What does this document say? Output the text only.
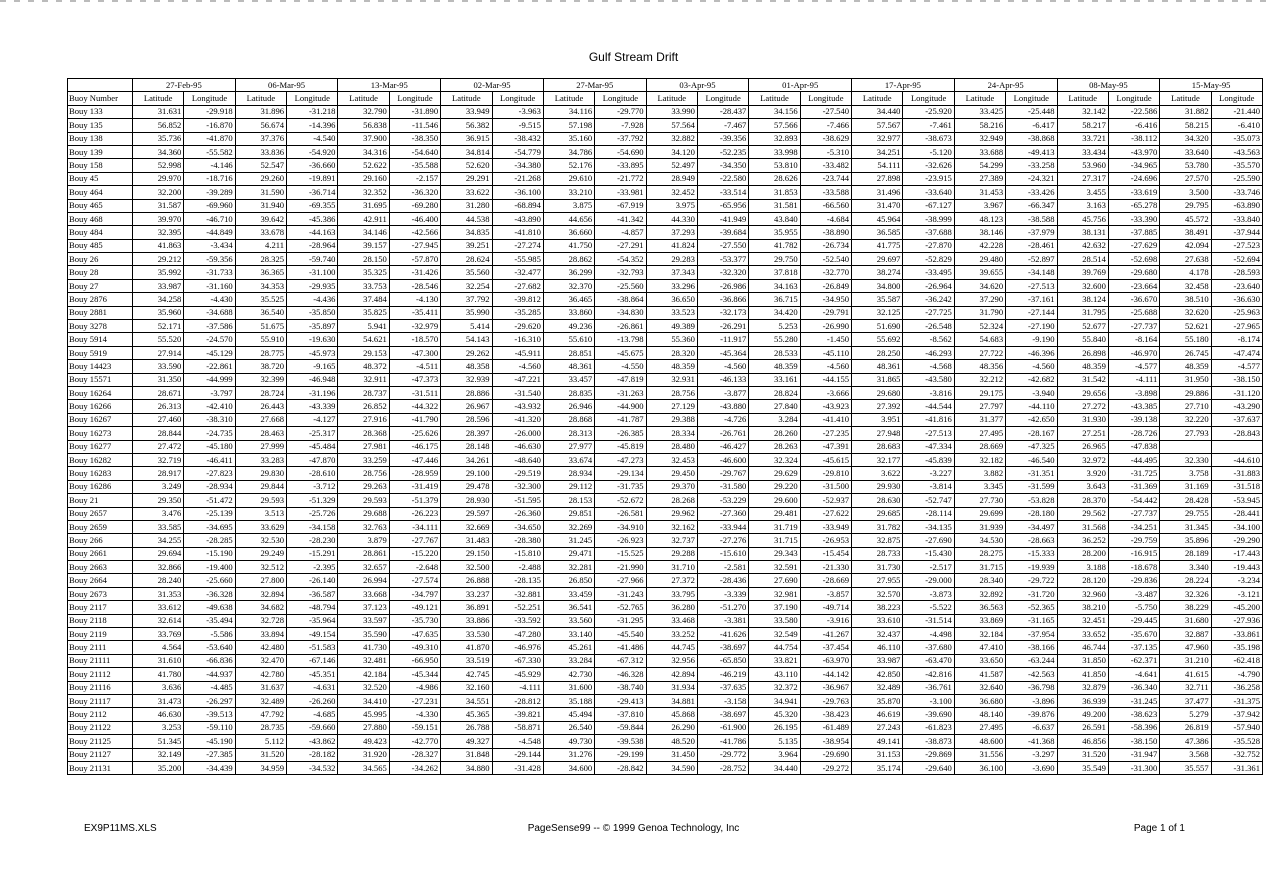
Gulf Stream Drift
	27-Feb-95		06-Mar-95		13-Mar-95		02-Mar-95		27-Mar-95		03-Apr-95		01-Apr-95		17-Apr-95		24-Apr-95		08-May-95		15-May-95	
Buoy Number	Latitude	Longitude	Latitude	Longitude	Latitude	Longitude	Latitude	Longitude	Latitude	Longitude	Latitude	Longitude	Latitude	Longitude	Latitude	Longitude	Latitude	Longitude	Latitude	Longitude	Latitude	Longitude
Bouy 133	31.631	-29.918	31.896	-31.218	32.790	-31.890	33.949	-3.963	34.116	-29.770	33.990	-28.437	34.156	-27.540	34.440	-25.920	33.425	-25.448	32.142	-22.586	31.882	-21.440
Bouy 135	56.852	-16.870	56.674	-14.396	56.838	-11.546	56.382	-9.515	57.198	-7.928	57.564	-7.467	57.566	-7.466	57.567	-7.461	58.216	-6.417	58.217	-6.416	58.215	-6.410
Bouy 138	35.736	-41.870	37.376	-4.540	37.900	-38.350	36.915	-38.432	35.160	-37.792	32.882	-39.356	32.893	-38.629	32.977	-38.673	32.949	-38.868	33.721	-38.112	34.320	-35.073
Bouy 139	34.360	-55.582	33.836	-54.920	34.316	-54.640	34.814	-54.779	34.786	-54.690	34.120	-52.235	33.998	-5.310	34.251	-5.120	33.688	-49.413	33.434	-43.970	33.640	-43.563
Bouy 158	52.998	-4.146	52.547	-36.660	52.622	-35.588	52.620	-34.380	52.176	-33.895	52.497	-34.350	53.810	-33.482	54.111	-32.626	54.299	-33.258	53.960	-34.965	53.780	-35.570
Bouy 45	29.970	-18.716	29.260	-19.891	29.160	-2.157	29.291	-21.268	29.610	-21.772	28.949	-22.580	28.626	-23.744	27.898	-23.915	27.389	-24.321	27.317	-24.696	27.570	-25.590
Bouy 464	32.200	-39.289	31.590	-36.714	32.352	-36.320	33.622	-36.100	33.210	-33.981	32.452	-33.514	31.853	-33.588	31.496	-33.640	31.453	-33.426	3.455	-33.619	3.500	-33.746
Bouy 465	31.587	-69.960	31.940	-69.355	31.695	-69.280	31.280	-68.894	3.875	-67.919	3.975	-65.956	31.581	-66.560	31.470	-67.127	3.967	-66.347	3.163	-65.278	29.795	-63.890
Bouy 468	39.970	-46.710	39.642	-45.386	42.911	-46.400	44.538	-43.890	44.656	-41.342	44.330	-41.949	43.840	-4.684	45.964	-38.999	48.123	-38.588	45.756	-33.390	45.572	-33.840
Bouy 484	32.395	-44.849	33.678	-44.163	34.146	-42.566	34.835	-41.810	36.660	-4.857	37.293	-39.684	35.955	-38.890	36.585	-37.688	38.146	-37.979	38.131	-37.885	38.491	-37.944
Bouy 485	41.863	-3.434	4.211	-28.964	39.157	-27.945	39.251	-27.274	41.750	-27.291	41.824	-27.550	41.782	-26.734	41.775	-27.870	42.228	-28.461	42.632	-27.629	42.094	-27.523
Bouy 26	29.212	-59.356	28.325	-59.740	28.150	-57.870	28.624	-55.985	28.862	-54.352	29.283	-53.377	29.750	-52.540	29.697	-52.829	29.480	-52.897	28.514	-52.698	27.638	-52.694
Bouy 28	35.992	-31.733	36.365	-31.100	35.325	-31.426	35.560	-32.477	36.299	-32.793	37.343	-32.320	37.818	-32.770	38.274	-33.495	39.655	-34.148	39.769	-29.680	4.178	-28.593
Bouy 27	33.987	-31.160	34.353	-29.935	33.753	-28.546	32.254	-27.682	32.370	-25.560	33.296	-26.986	34.163	-26.849	34.800	-26.964	34.620	-27.513	32.600	-23.664	32.458	-23.640
Bouy 2876	34.258	-4.430	35.525	-4.436	37.484	-4.130	37.792	-39.812	36.465	-38.864	36.650	-36.866	36.715	-34.950	35.587	-36.242	37.290	-37.161	38.124	-36.670	38.510	-36.630
Bouy 2881	35.960	-34.688	36.540	-35.850	35.825	-35.411	35.990	-35.285	33.860	-34.830	33.523	-32.173	34.420	-29.791	32.125	-27.725	31.790	-27.144	31.795	-25.688	32.620	-25.963
Bouy 3278	52.171	-37.586	51.675	-35.897	5.941	-32.979	5.414	-29.620	49.236	-26.861	49.389	-26.291	5.253	-26.990	51.690	-26.548	52.324	-27.190	52.677	-27.737	52.621	-27.965
Bouy 5914	55.520	-24.570	55.910	-19.630	54.621	-18.570	54.143	-16.310	55.610	-13.798	55.360	-11.917	55.280	-1.450	55.692	-8.562	54.683	-9.190	55.840	-8.164	55.180	-8.174
Bouy 5919	27.914	-45.129	28.775	-45.973	29.153	-47.300	29.262	-45.911	28.851	-45.675	28.320	-45.364	28.533	-45.110	28.250	-46.293	27.722	-46.396	26.898	-46.970	26.745	-47.474
Bouy 14423	33.590	-22.861	38.720	-9.165	48.372	-4.511	48.358	-4.560	48.361	-4.550	48.359	-4.560	48.359	-4.560	48.361	-4.568	48.356	-4.560	48.359	-4.577	48.359	-4.577
Bouy 15571	31.350	-44.999	32.399	-46.948	32.911	-47.373	32.939	-47.221	33.457	-47.819	32.931	-46.133	33.161	-44.155	31.865	-43.580	32.212	-42.682	31.542	-4.111	31.950	-38.150
Bouy 16264	28.671	-3.797	28.724	-31.196	28.737	-31.511	28.886	-31.540	28.835	-31.263	28.756	-3.877	28.824	-3.666	29.680	-3.816	29.175	-3.940	29.656	-3.898	29.886	-31.120
Bouy 16266	26.313	-42.410	26.443	-43.339	26.852	-44.322	26.967	-43.932	26.946	-44.900	27.129	-43.880	27.840	-43.923	27.392	-44.544	27.797	-44.110	27.272	-43.385	27.710	-43.290
Bouy 16267	27.460	-38.310	27.668	-4.127	27.916	-41.790	28.596	-41.320	28.868	-41.787	29.388	-4.726	3.284	-41.410	3.951	-41.816	31.377	-42.650	31.930	-39.138	32.220	-37.637
Bouy 16273	28.844	-24.735	28.463	-25.317	28.368	-25.626	28.397	-26.000	28.313	-26.385	28.334	-26.761	28.260	-27.235	27.948	-27.513	27.495	-28.167	27.251	-28.726	27.793	-28.843
Bouy 16277	27.472	-45.180	27.999	-45.484	27.981	-46.175	28.148	-46.630	27.977	-45.819	28.480	-46.427	28.263	-47.391	28.683	-47.334	28.669	-47.325	26.965	-47.838		
Bouy 16282	32.719	-46.411	33.283	-47.870	33.259	-47.446	34.261	-48.640	33.674	-47.273	32.453	-46.600	32.324	-45.615	32.177	-45.839	32.182	-46.540	32.972	-44.495	32.330	-44.610
Bouy 16283	28.917	-27.823	29.830	-28.610	28.756	-28.959	29.100	-29.519	28.934	-29.134	29.450	-29.767	29.629	-29.810	3.622	-3.227	3.882	-31.351	3.920	-31.725	3.758	-31.883
Bouy 16286	3.249	-28.934	29.844	-3.712	29.263	-31.419	29.478	-32.300	29.112	-31.735	29.370	-31.580	29.220	-31.500	29.930	-3.814	3.345	-31.599	3.643	-31.369	31.169	-31.518
Bouy 21	29.350	-51.472	29.593	-51.329	29.593	-51.379	28.930	-51.595	28.153	-52.672	28.268	-53.229	29.600	-52.937	28.630	-52.747	27.730	-53.828	28.370	-54.442	28.428	-53.945
Bouy 2657	3.476	-25.139	3.513	-25.726	29.688	-26.223	29.597	-26.360	29.851	-26.581	29.962	-27.360	29.481	-27.622	29.685	-28.114	29.699	-28.180	29.562	-27.737	29.755	-28.441
Bouy 2659	33.585	-34.695	33.629	-34.158	32.763	-34.111	32.669	-34.650	32.269	-34.910	32.162	-33.944	31.719	-33.949	31.782	-34.135	31.939	-34.497	31.568	-34.251	31.345	-34.100
Bouy 266	34.255	-28.285	32.530	-28.230	3.879	-27.767	31.483	-28.380	31.245	-26.923	32.737	-27.276	31.715	-26.953	32.875	-27.690	34.530	-28.663	36.252	-29.759	35.896	-29.290
Bouy 2661	29.694	-15.190	29.249	-15.291	28.861	-15.220	29.150	-15.810	29.471	-15.525	29.288	-15.610	29.343	-15.454	28.733	-15.430	28.275	-15.333	28.200	-16.915	28.189	-17.443
Bouy 2663	32.866	-19.400	32.512	-2.395	32.657	-2.648	32.500	-2.488	32.281	-21.990	31.710	-2.581	32.591	-21.330	31.730	-2.517	31.715	-19.939	3.188	-18.678	3.340	-19.443
Bouy 2664	28.240	-25.660	27.800	-26.140	26.994	-27.574	26.888	-28.135	26.850	-27.966	27.372	-28.436	27.690	-28.669	27.955	-29.000	28.340	-29.722	28.120	-29.836	28.224	-3.234
Bouy 2673	31.353	-36.328	32.894	-36.587	33.668	-34.797	33.237	-32.881	33.459	-31.243	33.795	-3.339	32.981	-3.857	32.570	-3.873	32.892	-31.720	32.960	-3.487	32.326	-3.121
Bouy 2117	33.612	-49.638	34.682	-48.794	37.123	-49.121	36.891	-52.251	36.541	-52.765	36.280	-51.270	37.190	-49.714	38.223	-5.522	36.563	-52.365	38.210	-5.750	38.229	-45.200
Bouy 2118	32.614	-35.494	32.728	-35.964	33.597	-35.730	33.886	-33.592	33.560	-31.295	33.468	-3.381	33.580	-3.916	33.610	-31.514	33.869	-31.165	32.451	-29.445	31.680	-27.936
Bouy 2119	33.769	-5.586	33.894	-49.154	35.590	-47.635	33.530	-47.280	33.140	-45.540	33.252	-41.626	32.549	-41.267	32.437	-4.498	32.184	-37.954	33.652	-35.670	32.887	-33.861
Bouy 2111	4.564	-53.640	42.480	-51.583	41.730	-49.310	41.870	-46.976	45.261	-41.486	44.745	-38.697	44.754	-37.454	46.110	-37.680	47.410	-38.166	46.744	-37.135	47.960	-35.198
Bouy 21111	31.610	-66.836	32.470	-67.146	32.481	-66.950	33.519	-67.330	33.284	-67.312	32.956	-65.850	33.821	-63.970	33.987	-63.470	33.650	-63.244	31.850	-62.371	31.210	-62.418
Bouy 21112	41.780	-44.937	42.780	-45.351	42.184	-45.344	42.745	-45.929	42.730	-46.328	42.894	-46.219	43.110	-44.142	42.850	-42.816	41.587	-42.563	41.850	-4.641	41.615	-4.790
Bouy 21116	3.636	-4.485	31.637	-4.631	32.520	-4.986	32.160	-4.111	31.600	-38.740	31.934	-37.635	32.372	-36.967	32.489	-36.761	32.640	-36.798	32.879	-36.340	32.711	-36.258
Bouy 21117	31.473	-26.297	32.489	-26.260	34.410	-27.231	34.551	-28.812	35.188	-29.413	34.881	-3.158	34.941	-29.763	35.870	-3.100	36.680	-3.896	36.939	-31.245	37.477	-31.375
Bouy 2112	46.630	-39.513	47.792	-4.685	45.995	-4.330	45.365	-39.821	45.494	-37.810	45.868	-38.697	45.320	-38.423	46.619	-39.690	48.140	-39.876	49.200	-38.623	5.279	-37.942
Bouy 21122	3.253	-59.110	28.735	-59.660	27.880	-59.151	26.788	-58.871	26.540	-59.844	26.290	-61.900	26.195	-61.489	27.243	-61.823	27.495	-6.637	26.591	-58.396	26.819	-57.940
Bouy 21125	51.345	-45.190	5.112	-43.862	49.423	-42.770	49.327	-4.548	49.730	-39.538	48.520	-41.786	5.135	-38.954	49.141	-38.873	48.600	-41.368	46.856	-38.150	47.386	-35.528
Bouy 21127	32.149	-27.385	31.520	-28.182	31.920	-28.327	31.848	-29.144	31.276	-29.199	31.450	-29.772	3.964	-29.690	31.153	-29.869	31.556	-3.297	31.520	-31.947	3.568	-32.752
Bouy 21131	35.200	-34.439	34.959	-34.532	34.565	-34.262	34.880	-31.428	34.600	-28.842	34.590	-28.752	34.440	-29.272	35.174	-29.640	36.100	-3.690	35.549	-31.300	35.557	-31.361
EX9P11MS.XLS	PageSense99 -- © 1999 Genoa Technology, Inc	Page 1 of 1
